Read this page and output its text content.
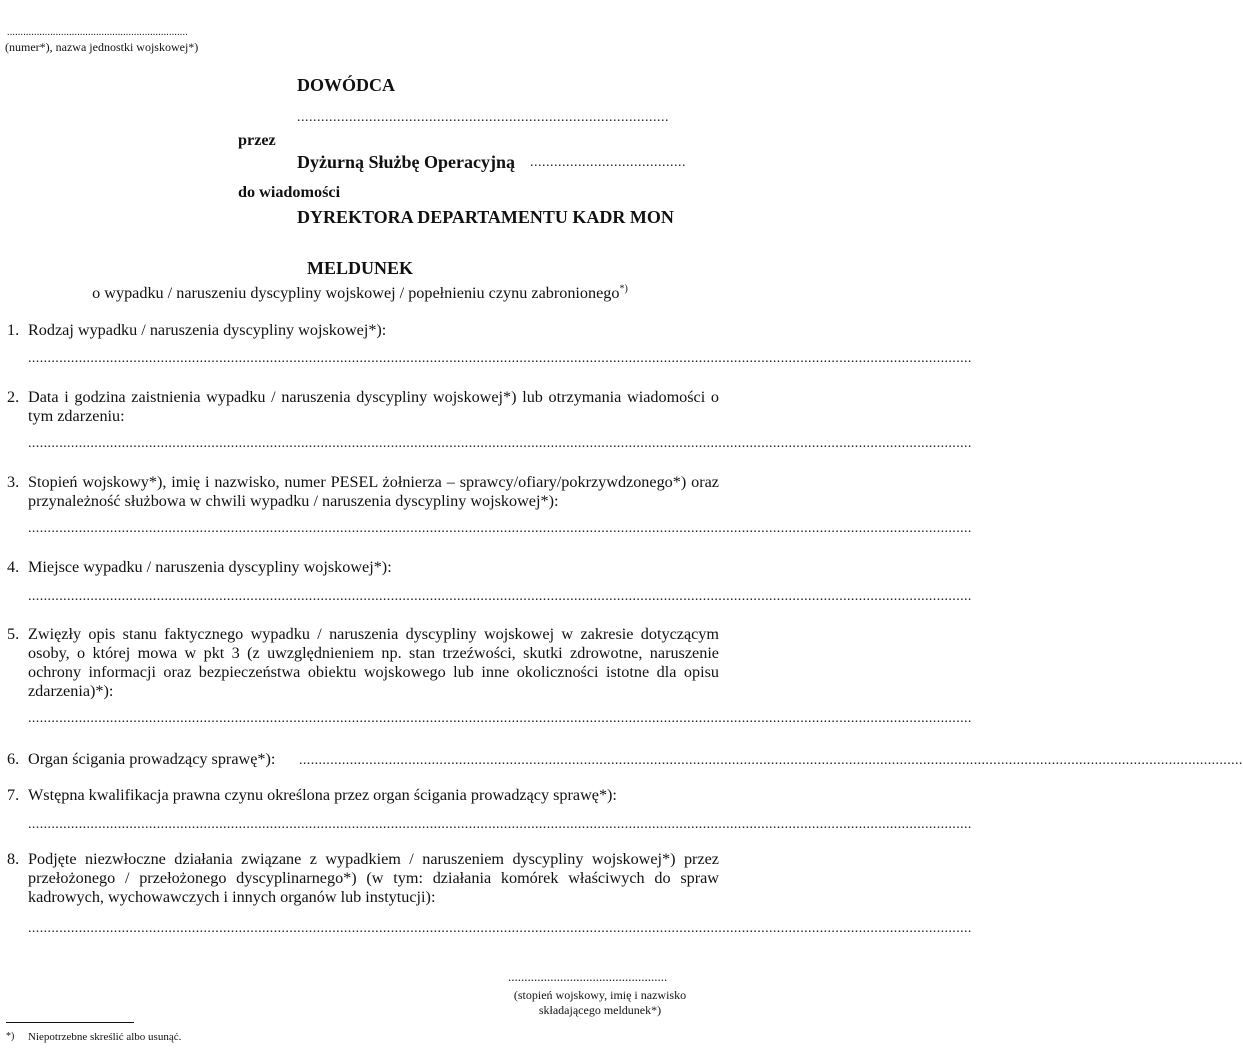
...................................................................
(numer*), nazwa jednostki wojskowej*)
DOWÓDCA
.............................................................................................
przez
Dyżurną Służbę Operacyjną .......................................
do wiadomości
DYREKTORA DEPARTAMENTU KADR MON
MELDUNEK
o wypadku / naruszeniu dyscypliny wojskowej / popełnieniu czynu zabronionego*)
1. Rodzaj wypadku / naruszenia dyscypliny wojskowej*):
..................................................................................................................................................................................................................................................
2. Data i godzina zaistnienia wypadku / naruszenia dyscypliny wojskowej*) lub otrzymania wiadomości o tym zdarzeniu:
..................................................................................................................................................................................................................................................
3. Stopień wojskowy*), imię i nazwisko, numer PESEL żołnierza – sprawcy/ofiary/pokrzywdzonego*) oraz przynależność służbowa w chwili wypadku / naruszenia dyscypliny wojskowej*):
..................................................................................................................................................................................................................................................
4. Miejsce wypadku / naruszenia dyscypliny wojskowej*):
..................................................................................................................................................................................................................................................
5. Zwięzły opis stanu faktycznego wypadku / naruszenia dyscypliny wojskowej w zakresie dotyczącym osoby, o której mowa w pkt 3 (z uwzględnieniem np. stan trzeźwości, skutki zdrowotne, naruszenie ochrony informacji oraz bezpieczeństwa obiektu wojskowego lub inne okoliczności istotne dla opisu zdarzenia)*):
..................................................................................................................................................................................................................................................
6. Organ ścigania prowadzący sprawę*):	..................................................................................................................................................................................................................................................
7. Wstępna kwalifikacja prawna czynu określona przez organ ścigania prowadzący sprawę*):
..................................................................................................................................................................................................................................................
8. Podjęte niezwłoczne działania związane z wypadkiem / naruszeniem dyscypliny wojskowej*) przez przełożonego / przełożonego dyscyplinarnego*) (w tym: działania komórek właściwych do spraw kadrowych, wychowawczych i innych organów lub instytucji):
..................................................................................................................................................................................................................................................
.................................................
(stopień wojskowy, imię i nazwisko
składającego meldunek*)
*) Niepotrzebne skreślić albo usunąć.
